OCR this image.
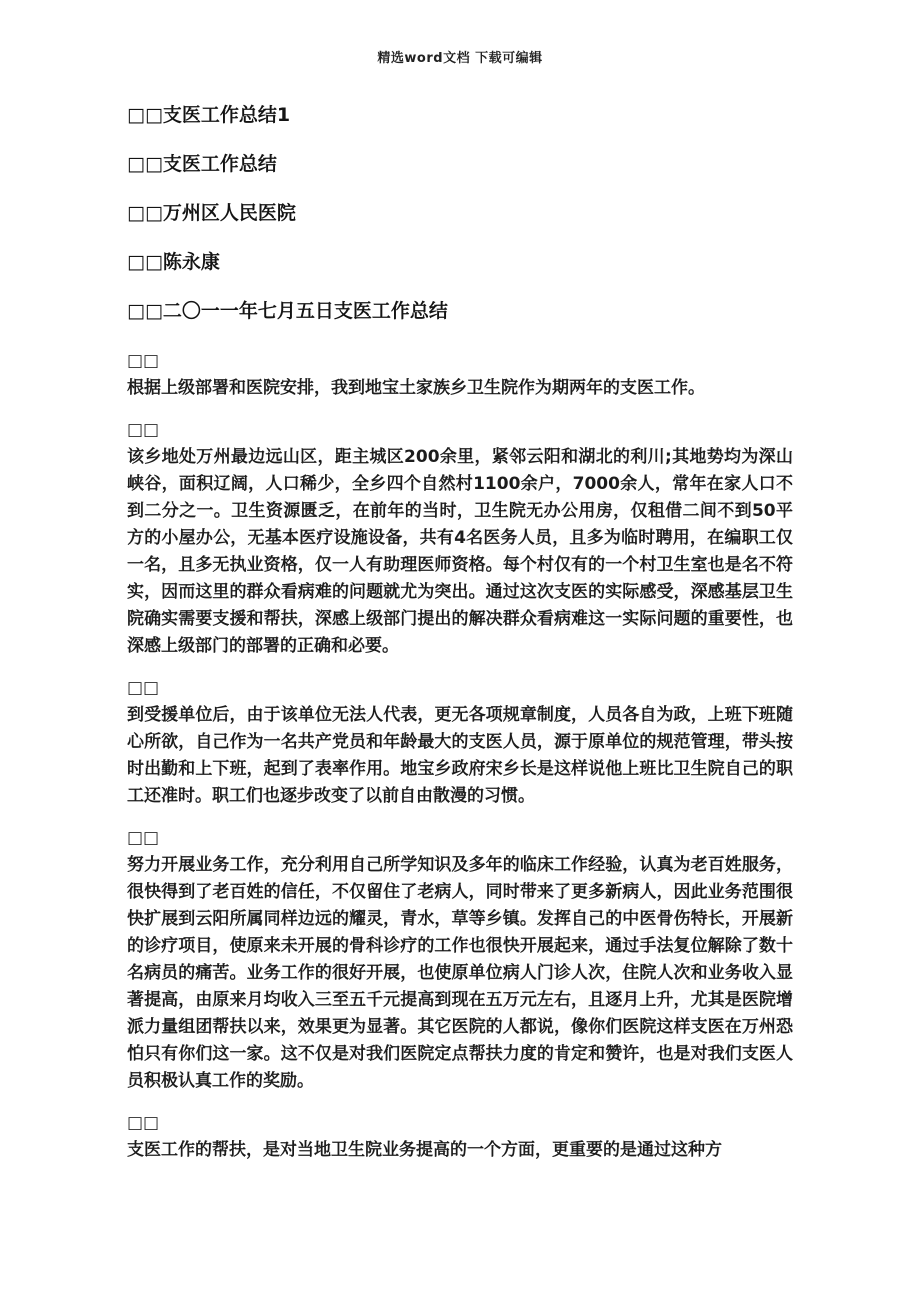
精选word文档 下载可编辑

□□支医工作总结1

□□支医工作总结

□□万州区人民医院

□□陈永康

□□二〇一一年七月五日支医工作总结

□□
根据上级部署和医院安排，我到地宝土家族乡卫生院作为期两年的支医工作。
□□
该乡地处万州最边远山区，距主城区200余里，紧邻云阳和湖北的利川;其地势均为深山峡谷，面积辽阔，人口稀少，全乡四个自然村1100余户，7000余人，常年在家人口不到二分之一。卫生资源匮乏，在前年的当时，卫生院无办公用房，仅租借二间不到50平方的小屋办公，无基本医疗设施设备，共有4名医务人员，且多为临时聘用，在编职工仅一名，且多无执业资格，仅一人有助理医师资格。每个村仅有的一个村卫生室也是名不符实，因而这里的群众看病难的问题就尤为突出。通过这次支医的实际感受，深感基层卫生院确实需要支援和帮扶，深感上级部门提出的解决群众看病难这一实际问题的重要性，也深感上级部门的部署的正确和必要。
□□
到受援单位后，由于该单位无法人代表，更无各项规章制度，人员各自为政，上班下班随心所欲，自己作为一名共产党员和年龄最大的支医人员，源于原单位的规范管理，带头按时出勤和上下班，起到了表率作用。地宝乡政府宋乡长是这样说他上班比卫生院自己的职工还准时。职工们也逐步改变了以前自由散漫的习惯。
□□
努力开展业务工作，充分利用自己所学知识及多年的临床工作经验，认真为老百姓服务，很快得到了老百姓的信任，不仅留住了老病人，同时带来了更多新病人，因此业务范围很快扩展到云阳所属同样边远的耀灵，青水，草等乡镇。发挥自己的中医骨伤特长，开展新的诊疗项目，使原来未开展的骨科诊疗的工作也很快开展起来，通过手法复位解除了数十名病员的痛苦。业务工作的很好开展，也使原单位病人门诊人次，住院人次和业务收入显著提高，由原来月均收入三至五千元提高到现在五万元左右，且逐月上升，尤其是医院增派力量组团帮扶以来，效果更为显著。其它医院的人都说，像你们医院这样支医在万州恐怕只有你们这一家。这不仅是对我们医院定点帮扶力度的肯定和赞许，也是对我们支医人员积极认真工作的奖励。
□□
支医工作的帮扶，是对当地卫生院业务提高的一个方面，更重要的是通过这种方
